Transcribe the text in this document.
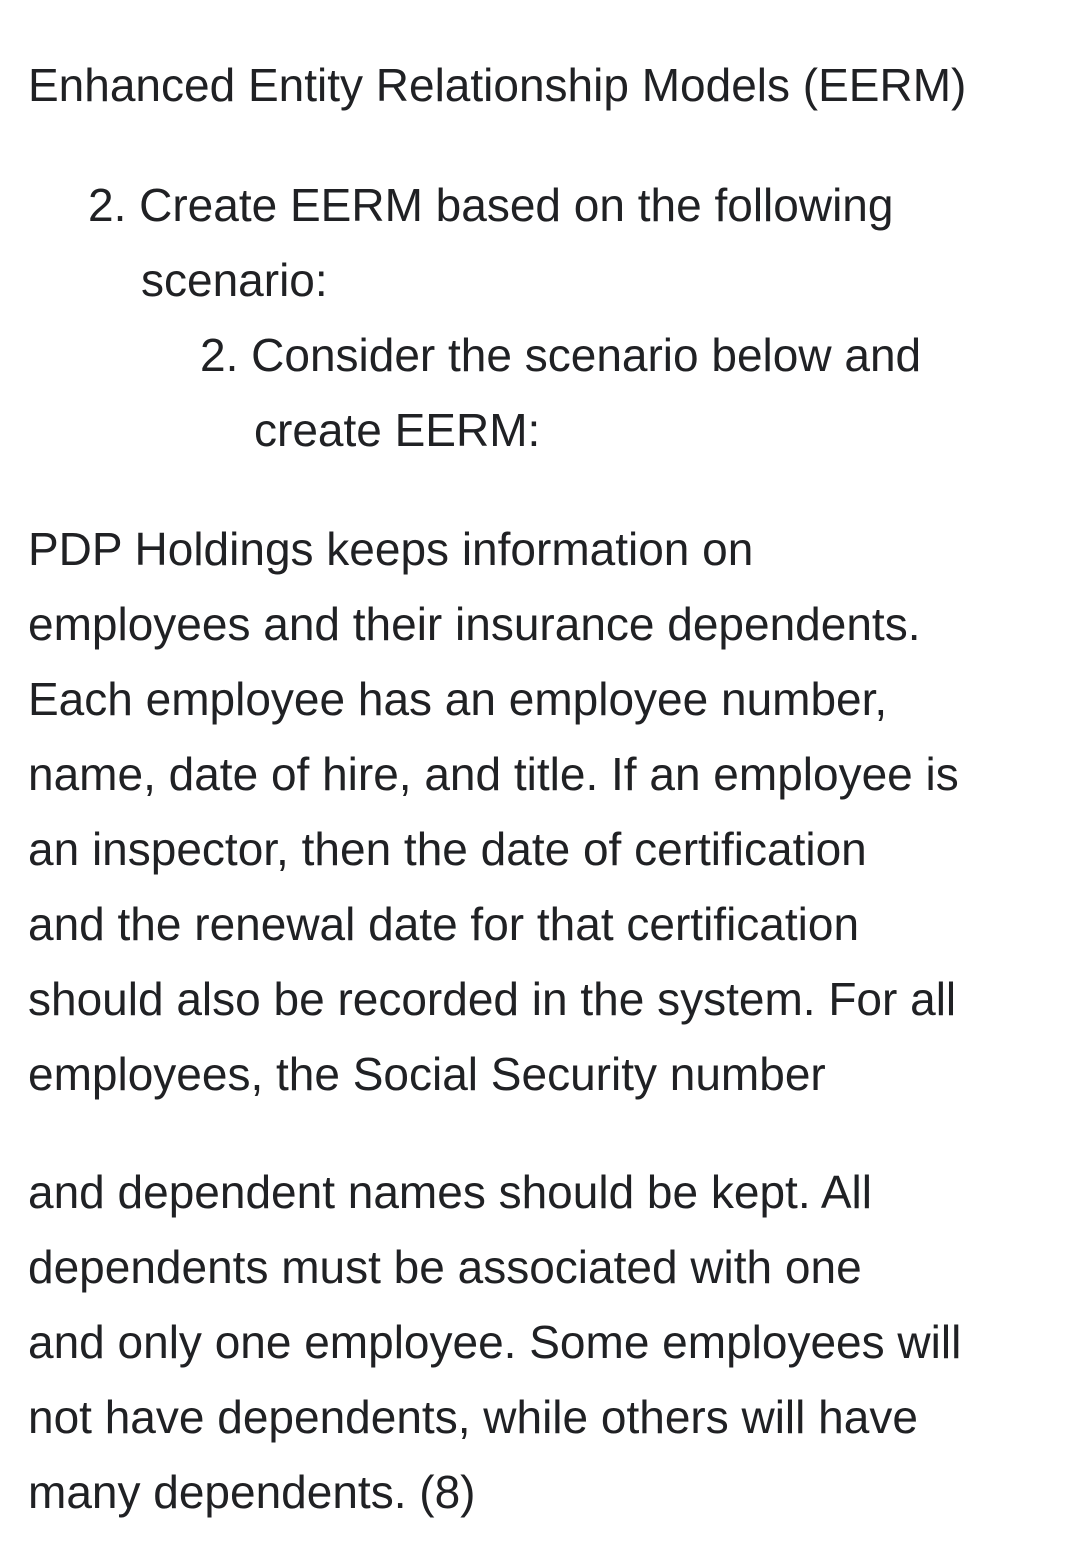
Enhanced Entity Relationship Models (EERM)
2. Create EERM based on the following
scenario:
2. Consider the scenario below and
create EERM:

PDP Holdings keeps information on
employees and their insurance dependents.
Each employee has an employee number,
name, date of hire, and title. If an employee is
an inspector, then the date of certification
and the renewal date for that certification
should also be recorded in the system. For all
employees, the Social Security number

and dependent names should be kept. All
dependents must be associated with one
and only one employee. Some employees will
not have dependents, while others will have
many dependents. (8)
